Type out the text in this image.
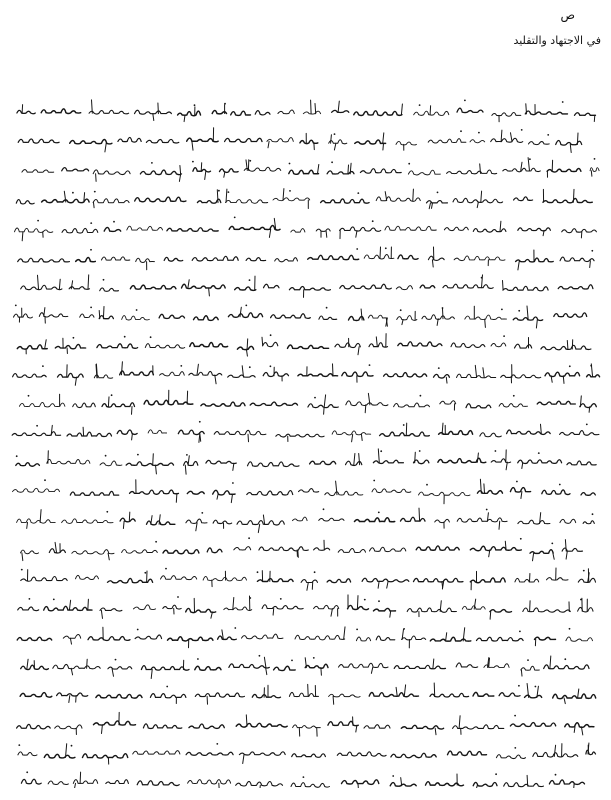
ص
في الاجتهاد والتقليد
